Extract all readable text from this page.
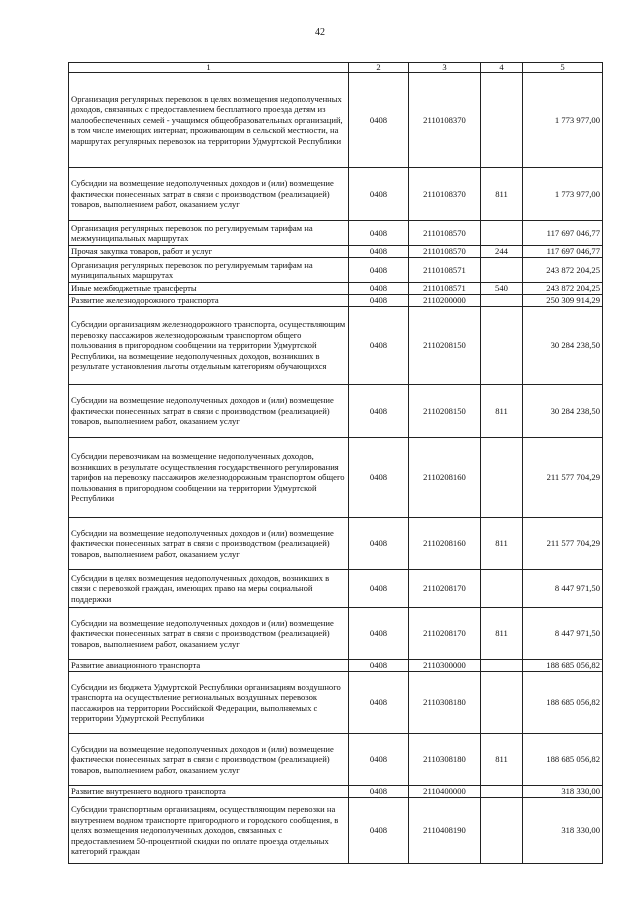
42
1	2	3	4	5
Организация регулярных перевозок в целях возмещения недополученных доходов, связанных с предоставлением бесплатного проезда детям из малообеспеченных семей - учащимся общеобразовательных организаций, в том числе имеющих интернат, проживающим в сельской местности, на маршрутах регулярных перевозок на территории Удмуртской Республики	0408	2110108370		1 773 977,00
Субсидии на возмещение недополученных доходов и (или) возмещение фактически понесенных затрат в связи с производством (реализацией) товаров, выполнением работ, оказанием услуг	0408	2110108370	811	1 773 977,00
Организация регулярных перевозок по регулируемым тарифам на межмуниципальных маршрутах	0408	2110108570		117 697 046,77
Прочая закупка товаров, работ и услуг	0408	2110108570	244	117 697 046,77
Организация регулярных перевозок по регулируемым тарифам на муниципальных маршрутах	0408	2110108571		243 872 204,25
Иные межбюджетные трансферты	0408	2110108571	540	243 872 204,25
Развитие железнодорожного транспорта	0408	2110200000		250 309 914,29
Субсидии организациям железнодорожного транспорта, осуществляющим перевозку пассажиров железнодорожным транспортом общего пользования в пригородном сообщении на территории Удмуртской Республики, на возмещение недополученных доходов, возникших в результате установления льготы отдельным категориям обучающихся	0408	2110208150		30 284 238,50
Субсидии на возмещение недополученных доходов и (или) возмещение фактически понесенных затрат в связи с производством (реализацией) товаров, выполнением работ, оказанием услуг	0408	2110208150	811	30 284 238,50
Субсидии перевозчикам на возмещение недополученных доходов, возникших в результате осуществления государственного регулирования тарифов на перевозку пассажиров железнодорожным транспортом общего пользования в пригородном сообщении на территории Удмуртской Республики	0408	2110208160		211 577 704,29
Субсидии на возмещение недополученных доходов и (или) возмещение фактически понесенных затрат в связи с производством (реализацией) товаров, выполнением работ, оказанием услуг	0408	2110208160	811	211 577 704,29
Субсидии в целях возмещения недополученных доходов, возникших в связи с перевозкой граждан, имеющих право на меры социальной поддержки	0408	2110208170		8 447 971,50
Субсидии на возмещение недополученных доходов и (или) возмещение фактически понесенных затрат в связи с производством (реализацией) товаров, выполнением работ, оказанием услуг	0408	2110208170	811	8 447 971,50
Развитие авиационного транспорта	0408	2110300000		188 685 056,82
Субсидии из бюджета Удмуртской Республики организациям воздушного транспорта на осуществление региональных воздушных перевозок пассажиров на территории Российской Федерации, выполняемых с территории Удмуртской Республики	0408	2110308180		188 685 056,82
Субсидии на возмещение недополученных доходов и (или) возмещение фактически понесенных затрат в связи с производством (реализацией) товаров, выполнением работ, оказанием услуг	0408	2110308180	811	188 685 056,82
Развитие внутреннего водного транспорта	0408	2110400000		318 330,00
Субсидии транспортным организациям, осуществляющим перевозки на внутреннем водном транспорте пригородного и городского сообщения, в целях возмещения недополученных доходов, связанных с предоставлением 50-процентной скидки по оплате проезда отдельных категорий граждан	0408	2110408190		318 330,00
